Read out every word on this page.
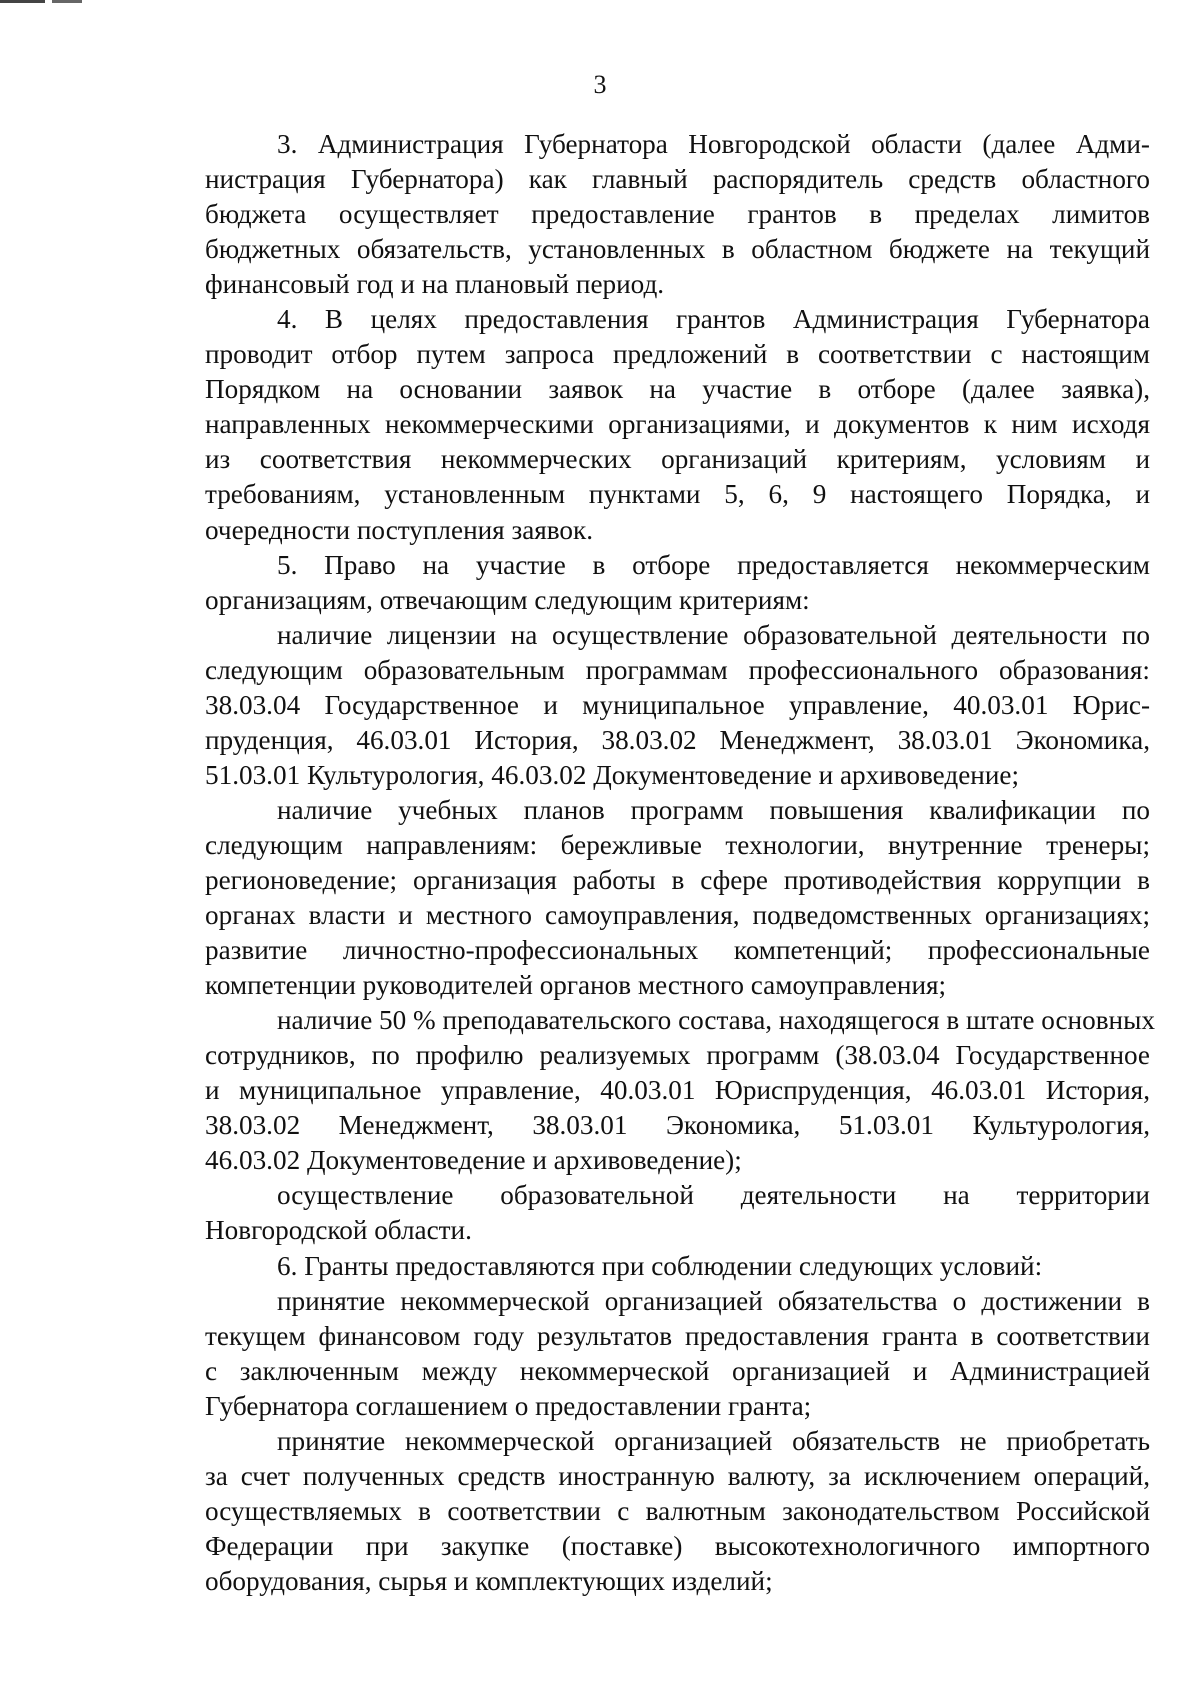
3
3. Администрация Губернатора Новгородской области (далее Адми-
нистрация Губернатора) как главный распорядитель средств областного
бюджета осуществляет предоставление грантов в пределах лимитов
бюджетных обязательств, установленных в областном бюджете на текущий
финансовый год и на плановый период.
4. В целях предоставления грантов Администрация Губернатора
проводит отбор путем запроса предложений в соответствии с настоящим
Порядком на основании заявок на участие в отборе (далее заявка),
направленных некоммерческими организациями, и документов к ним исходя
из соответствия некоммерческих организаций критериям, условиям и
требованиям, установленным пунктами 5, 6, 9 настоящего Порядка, и
очередности поступления заявок.
5. Право на участие в отборе предоставляется некоммерческим
организациям, отвечающим следующим критериям:
наличие лицензии на осуществление образовательной деятельности по
следующим образовательным программам профессионального образования:
38.03.04 Государственное и муниципальное управление, 40.03.01 Юрис-
пруденция, 46.03.01 История, 38.03.02 Менеджмент, 38.03.01 Экономика,
51.03.01 Культурология, 46.03.02 Документоведение и архивоведение;
наличие учебных планов программ повышения квалификации по
следующим направлениям: бережливые технологии, внутренние тренеры;
регионоведение; организация работы в сфере противодействия коррупции в
органах власти и местного самоуправления, подведомственных организациях;
развитие личностно-профессиональных компетенций; профессиональные
компетенции руководителей органов местного самоуправления;
наличие 50 % преподавательского состава, находящегося в штате основных
сотрудников, по профилю реализуемых программ (38.03.04 Государственное
и муниципальное управление, 40.03.01 Юриспруденция, 46.03.01 История,
38.03.02 Менеджмент, 38.03.01 Экономика, 51.03.01 Культурология,
46.03.02 Документоведение и архивоведение);
осуществление образовательной деятельности на территории
Новгородской области.
6. Гранты предоставляются при соблюдении следующих условий:
принятие некоммерческой организацией обязательства о достижении в
текущем финансовом году результатов предоставления гранта в соответствии
с заключенным между некоммерческой организацией и Администрацией
Губернатора соглашением о предоставлении гранта;
принятие некоммерческой организацией обязательств не приобретать
за счет полученных средств иностранную валюту, за исключением операций,
осуществляемых в соответствии с валютным законодательством Российской
Федерации при закупке (поставке) высокотехнологичного импортного
оборудования, сырья и комплектующих изделий;
